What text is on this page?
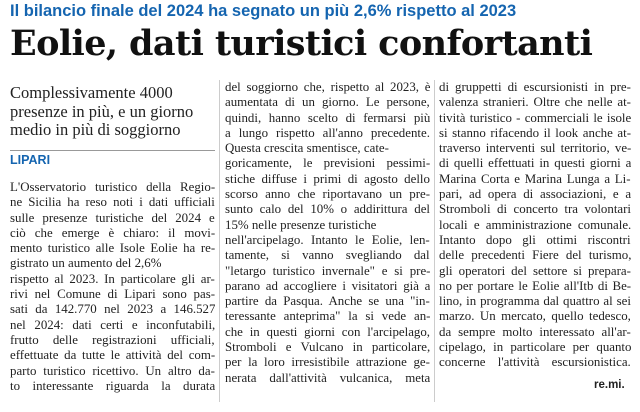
Il bilancio finale del 2024 ha segnato un più 2,6% rispetto al 2023
Eolie, dati turistici confortanti
Complessivamente 4000
presenze in più, e un giorno
medio in più di soggiorno
LIPARI
L'Osservatorio turistico della Regio-
ne Sicilia ha reso noti i dati ufficiali
sulle presenze turistiche del 2024 e
ciò che emerge è chiaro: il movi-
mento turistico alle Isole Eolie ha re-
gistrato un aumento del 2,6%
rispetto al 2023. In particolare gli ar-
rivi nel Comune di Lipari sono pas-
sati da 142.770 nel 2023 a 146.527
nel 2024: dati certi e inconfutabili,
frutto delle registrazioni ufficiali,
effettuate da tutte le attività del com-
parto turistico ricettivo. Un altro da-
to interessante riguarda la durata
del soggiorno che, rispetto al 2023, è
aumentata di un giorno. Le persone,
quindi, hanno scelto di fermarsi più
a lungo rispetto all'anno precedente.
Questa crescita smentisce, cate-
goricamente, le previsioni pessimi-
stiche diffuse i primi di agosto dello
scorso anno che riportavano un pre-
sunto calo del 10% o addirittura del
15% nelle presenze turistiche
nell'arcipelago. Intanto le Eolie, len-
tamente, si vanno svegliando dal
"letargo turistico invernale" e si pre-
parano ad accogliere i visitatori già a
partire da Pasqua. Anche se una "in-
teressante anteprima" la si vede an-
che in questi giorni con l'arcipelago,
Stromboli e Vulcano in particolare,
per la loro irresistibile attrazione ge-
nerata dall'attività vulcanica, meta
di gruppetti di escursionisti in pre-
valenza stranieri. Oltre che nelle at-
tività turistico - commerciali le isole
si stanno rifacendo il look anche at-
traverso interventi sul territorio, ve-
di quelli effettuati in questi giorni a
Marina Corta e Marina Lunga a Li-
pari, ad opera di associazioni, e a
Stromboli di concerto tra volontari
locali e amministrazione comunale.
Intanto dopo gli ottimi riscontri
delle precedenti Fiere del turismo,
gli operatori del settore si prepara-
no per portare le Eolie all'Itb di Be-
lino, in programma dal quattro al sei
marzo. Un mercato, quello tedesco,
da sempre molto interessato all'ar-
cipelago, in particolare per quanto
concerne l'attività escursionistica.
re.mi.
